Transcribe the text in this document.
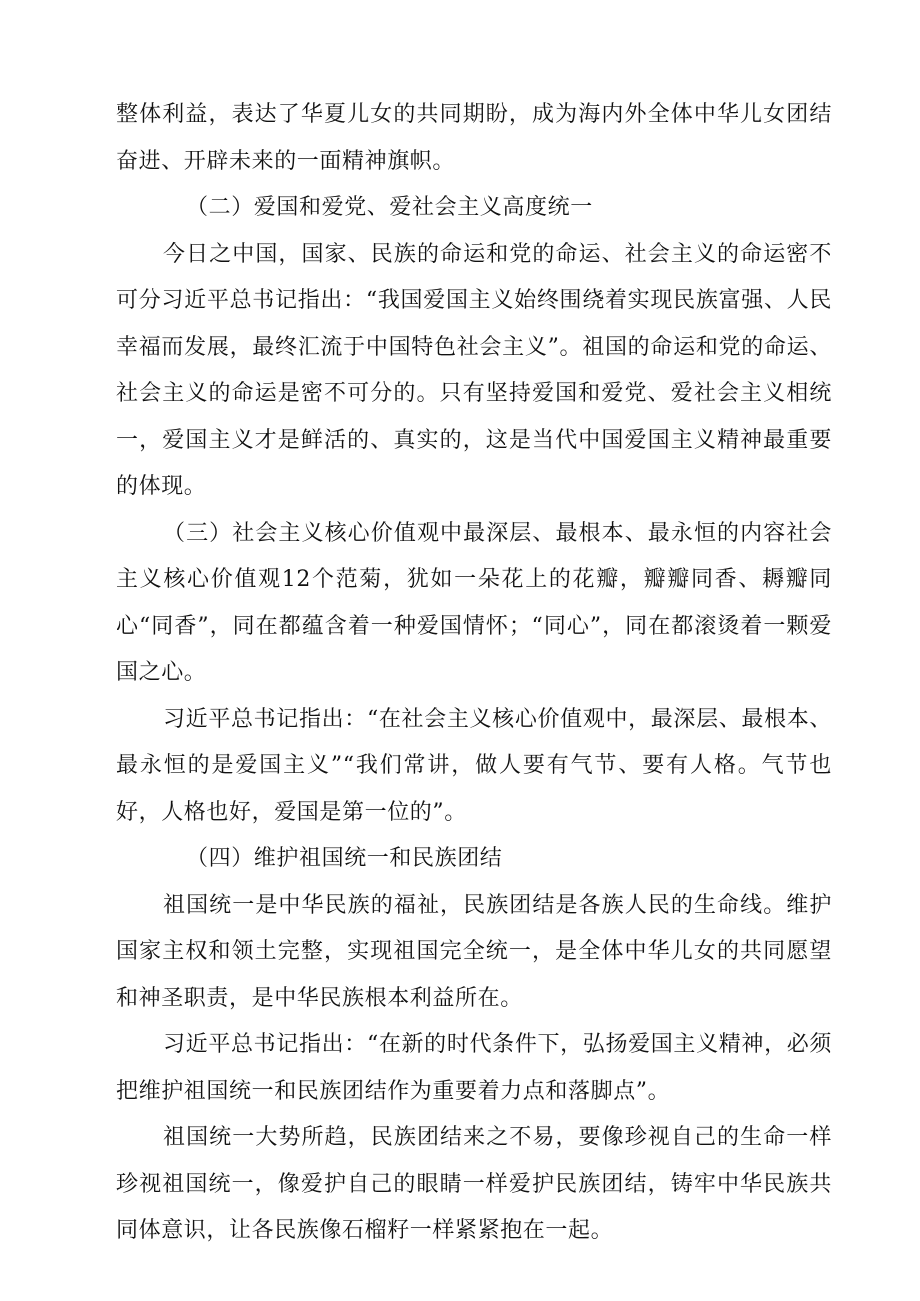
整体利益，表达了华夏儿女的共同期盼，成为海内外全体中华儿女团结奋进、开辟未来的一面精神旗帜。

（二）爱国和爱党、爱社会主义高度统一

今日之中国，国家、民族的命运和党的命运、社会主义的命运密不可分习近平总书记指出：“我国爱国主义始终围绕着实现民族富强、人民幸福而发展，最终汇流于中国特色社会主义”。祖国的命运和党的命运、社会主义的命运是密不可分的。只有坚持爱国和爱党、爱社会主义相统一，爱国主义才是鲜活的、真实的，这是当代中国爱国主义精神最重要的体现。

（三）社会主义核心价值观中最深层、最根本、最永恒的内容社会主义核心价值观12个范菊，犹如一朵花上的花瓣，瓣瓣同香、耨瓣同心“同香”，同在都蕴含着一种爱国情怀；“同心”，同在都滚烫着一颗爱国之心。

习近平总书记指出：“在社会主义核心价值观中，最深层、最根本、最永恒的是爱国主义”“我们常讲，做人要有气节、要有人格。气节也好，人格也好，爱国是第一位的”。

（四）维护祖国统一和民族团结

祖国统一是中华民族的福祉，民族团结是各族人民的生命线。维护国家主权和领土完整，实现祖国完全统一，是全体中华儿女的共同愿望和神圣职责，是中华民族根本利益所在。

习近平总书记指出：“在新的时代条件下，弘扬爱国主义精神，必须把维护祖国统一和民族团结作为重要着力点和落脚点”。

祖国统一大势所趋，民族团结来之不易，要像珍视自己的生命一样珍视祖国统一，像爱护自己的眼睛一样爱护民族团结，铸牢中华民族共同体意识，让各民族像石榴籽一样紧紧抱在一起。
